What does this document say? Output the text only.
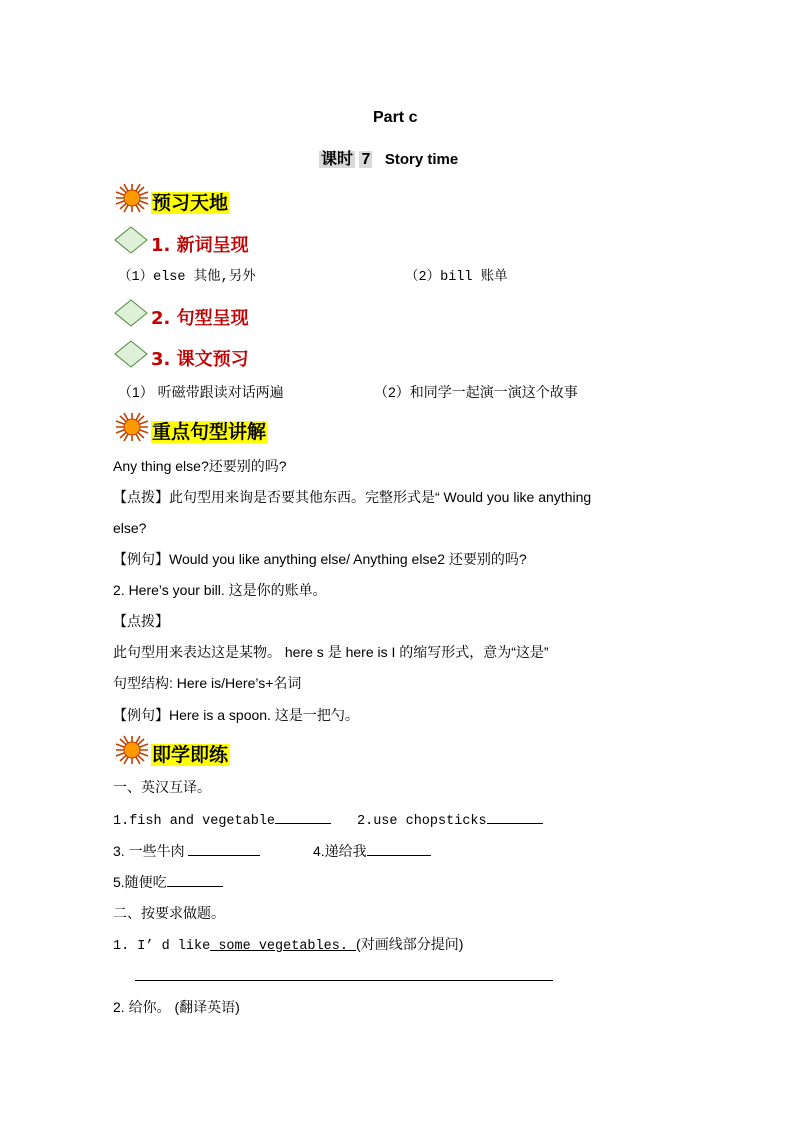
Part c
课时 7 Story time
预习天地
1. 新词呈现
（1）else 其他,另外	（2）bill 账单
2. 句型呈现
3. 课文预习
（1） 听磁带跟读对话两遍	（2）和同学一起演一演这个故事
重点句型讲解
Any thing else?还要别的吗?
【点拨】此句型用来询是否要其他东西。完整形式是“ Would you like anything
else?
【例句】Would you like anything else/ Anything else2 还要别的吗?
2. Here’s your bill. 这是你的账单。
【点拨】
此句型用来表达这是某物。 here s 是 here is I 的缩写形式，意为“这是”
句型结构: Here is/Here’s+名词
【例句】Here is a spoon. 这是一把勺。
即学即练
一、英汉互译。
1.fish and vegetable	2.use chopsticks
3. 一些牛肉	4.递给我
5.随便吃
二、按要求做题。
1. I’ d like some vegetables. (对画线部分提问)
2. 给你。 (翻译英语)
